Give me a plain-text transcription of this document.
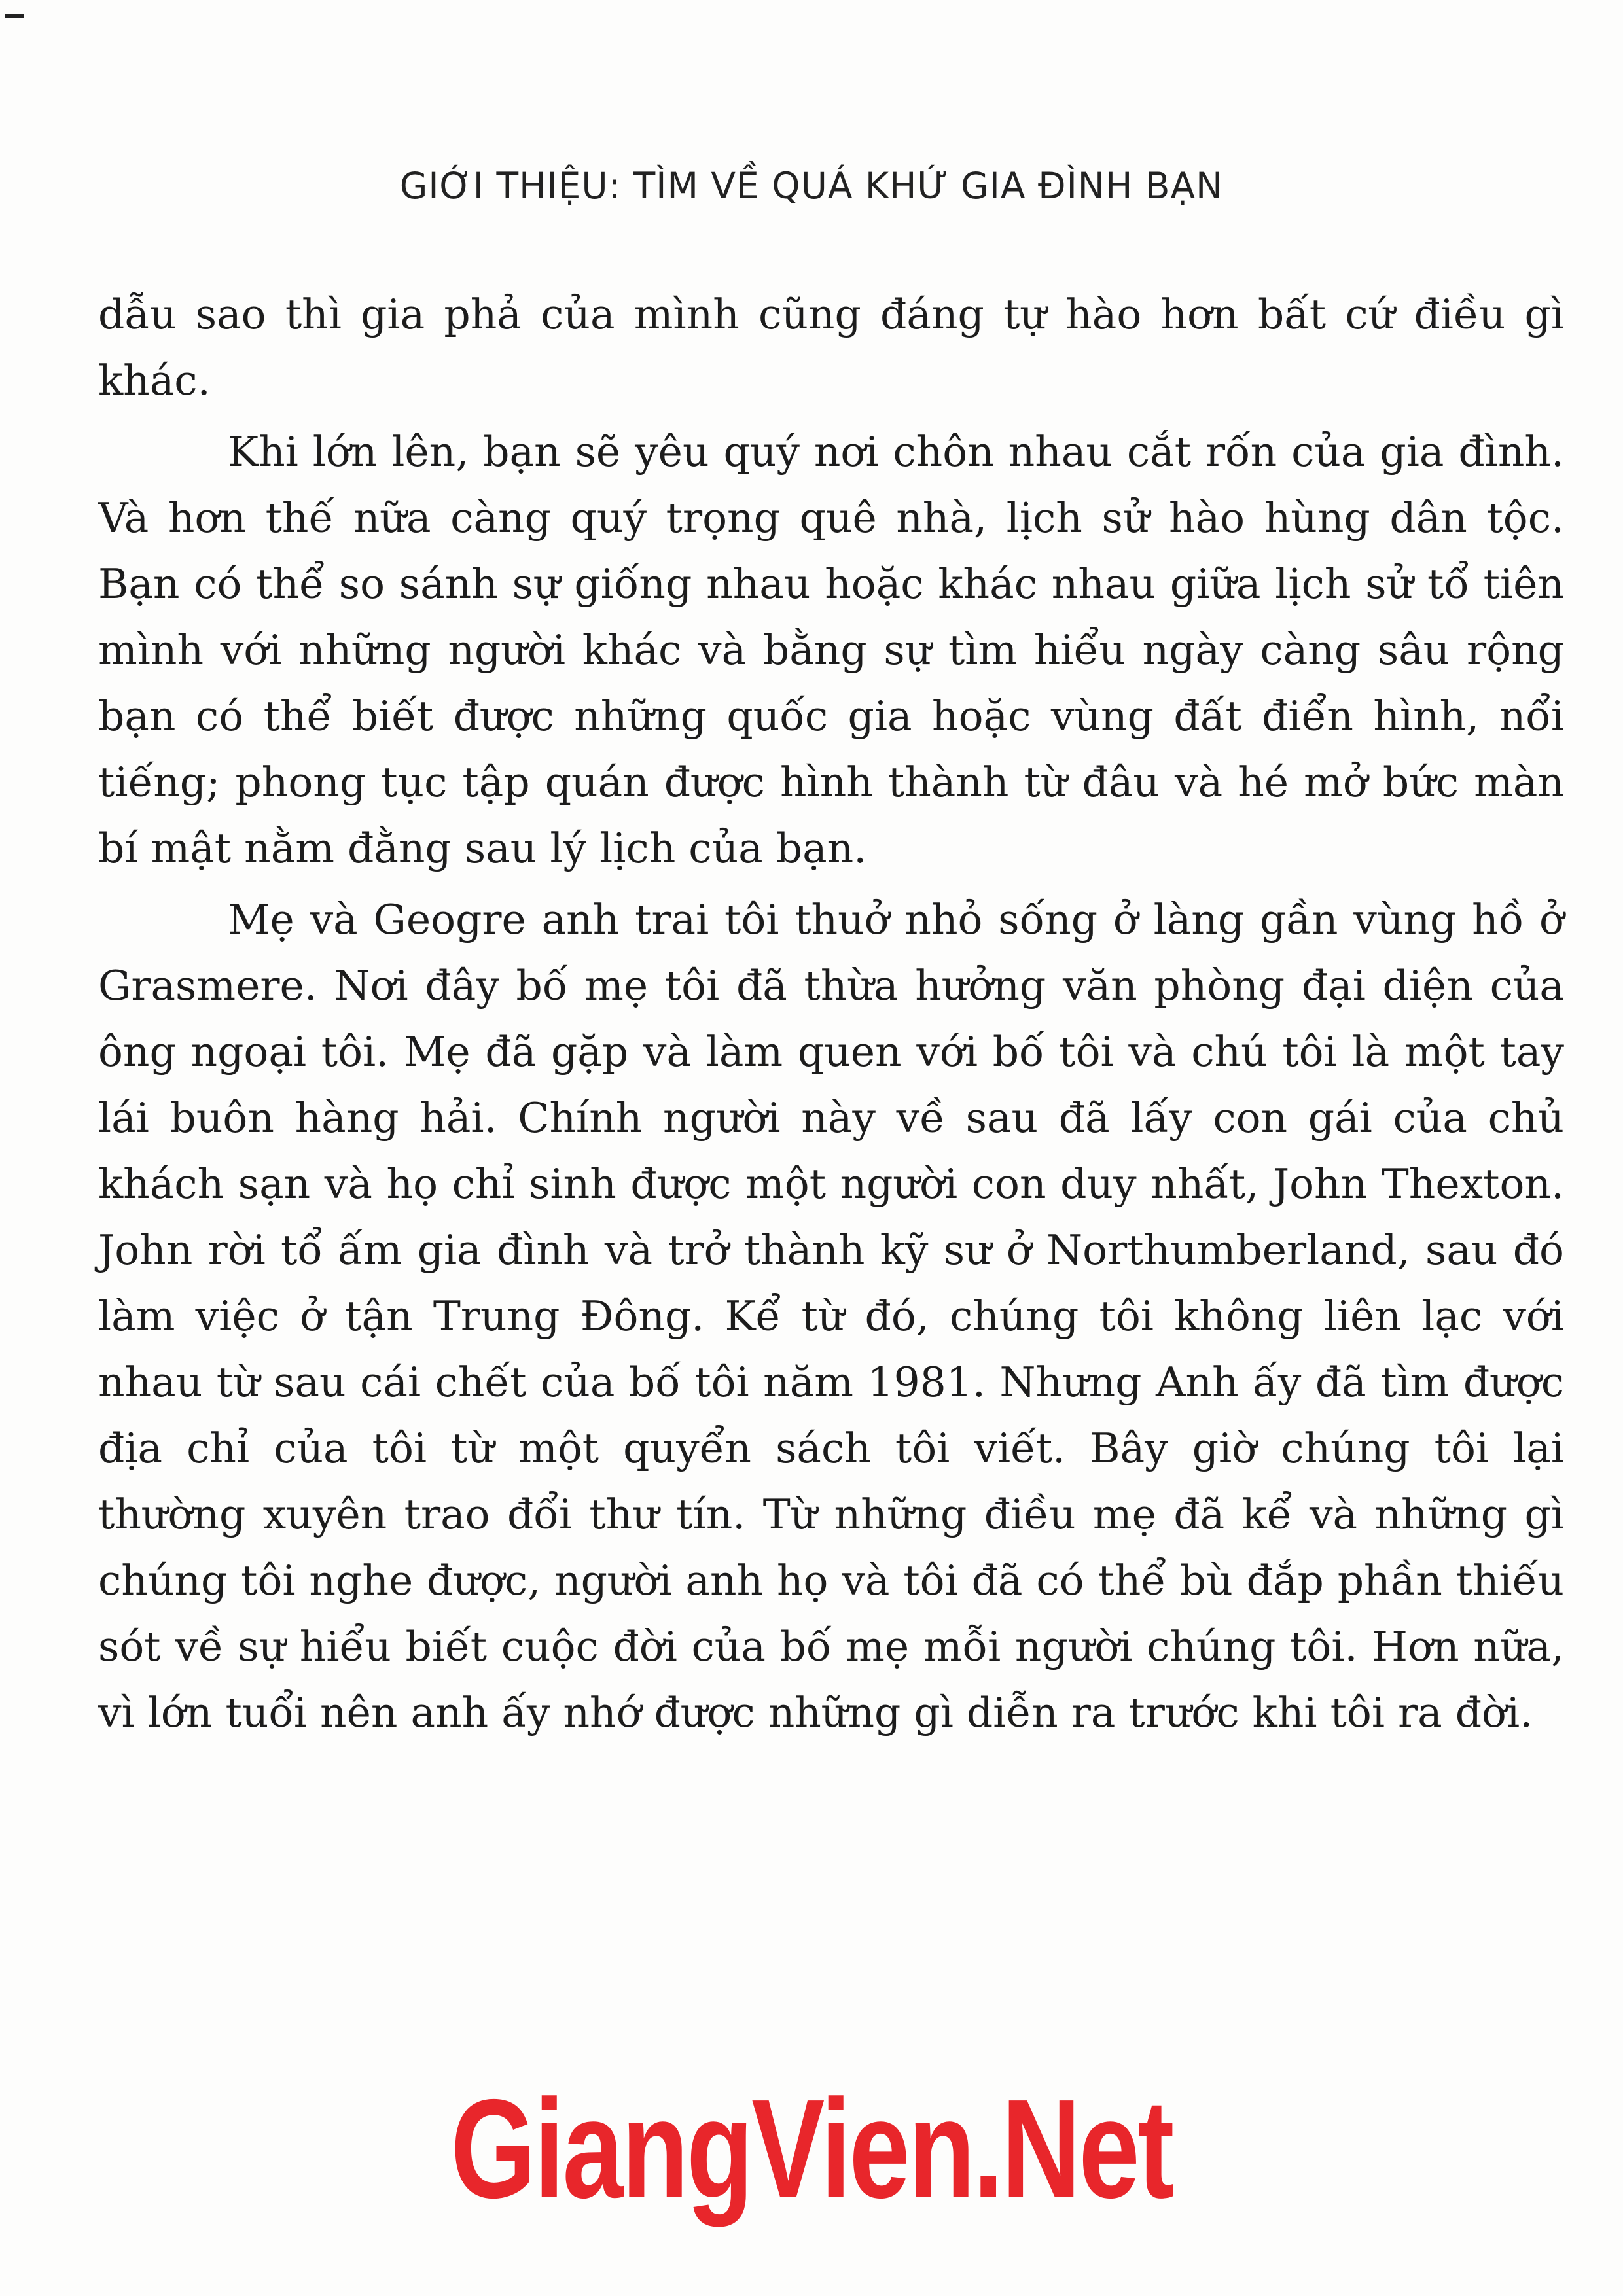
GIỚI THIỆU: TÌM VỀ QUÁ KHỨ GIA ĐÌNH BẠN

dẫu sao thì gia phả của mình cũng đáng tự hào hơn bất cứ điều gì khác.

Khi lớn lên, bạn sẽ yêu quý nơi chôn nhau cắt rốn của gia đình. Và hơn thế nữa càng quý trọng quê nhà, lịch sử hào hùng dân tộc. Bạn có thể so sánh sự giống nhau hoặc khác nhau giữa lịch sử tổ tiên mình với những người khác và bằng sự tìm hiểu ngày càng sâu rộng bạn có thể biết được những quốc gia hoặc vùng đất điển hình, nổi tiếng; phong tục tập quán được hình thành từ đâu và hé mở bức màn bí mật nằm đằng sau lý lịch của bạn.

Mẹ và Geogre anh trai tôi thuở nhỏ sống ở làng gần vùng hồ ở Grasmere. Nơi đây bố mẹ tôi đã thừa hưởng văn phòng đại diện của ông ngoại tôi. Mẹ đã gặp và làm quen với bố tôi và chú tôi là một tay lái buôn hàng hải. Chính người này về sau đã lấy con gái của chủ khách sạn và họ chỉ sinh được một người con duy nhất, John Thexton. John rời tổ ấm gia đình và trở thành kỹ sư ở Northumberland, sau đó làm việc ở tận Trung Đông. Kể từ đó, chúng tôi không liên lạc với nhau từ sau cái chết của bố tôi năm 1981. Nhưng Anh ấy đã tìm được địa chỉ của tôi từ một quyển sách tôi viết. Bây giờ chúng tôi lại thường xuyên trao đổi thư tín. Từ những điều mẹ đã kể và những gì chúng tôi nghe được, người anh họ và tôi đã có thể bù đắp phần thiếu sót về sự hiểu biết cuộc đời của bố mẹ mỗi người chúng tôi. Hơn nữa, vì lớn tuổi nên anh ấy nhớ được những gì diễn ra trước khi tôi ra đời.

GiangVien.Net
